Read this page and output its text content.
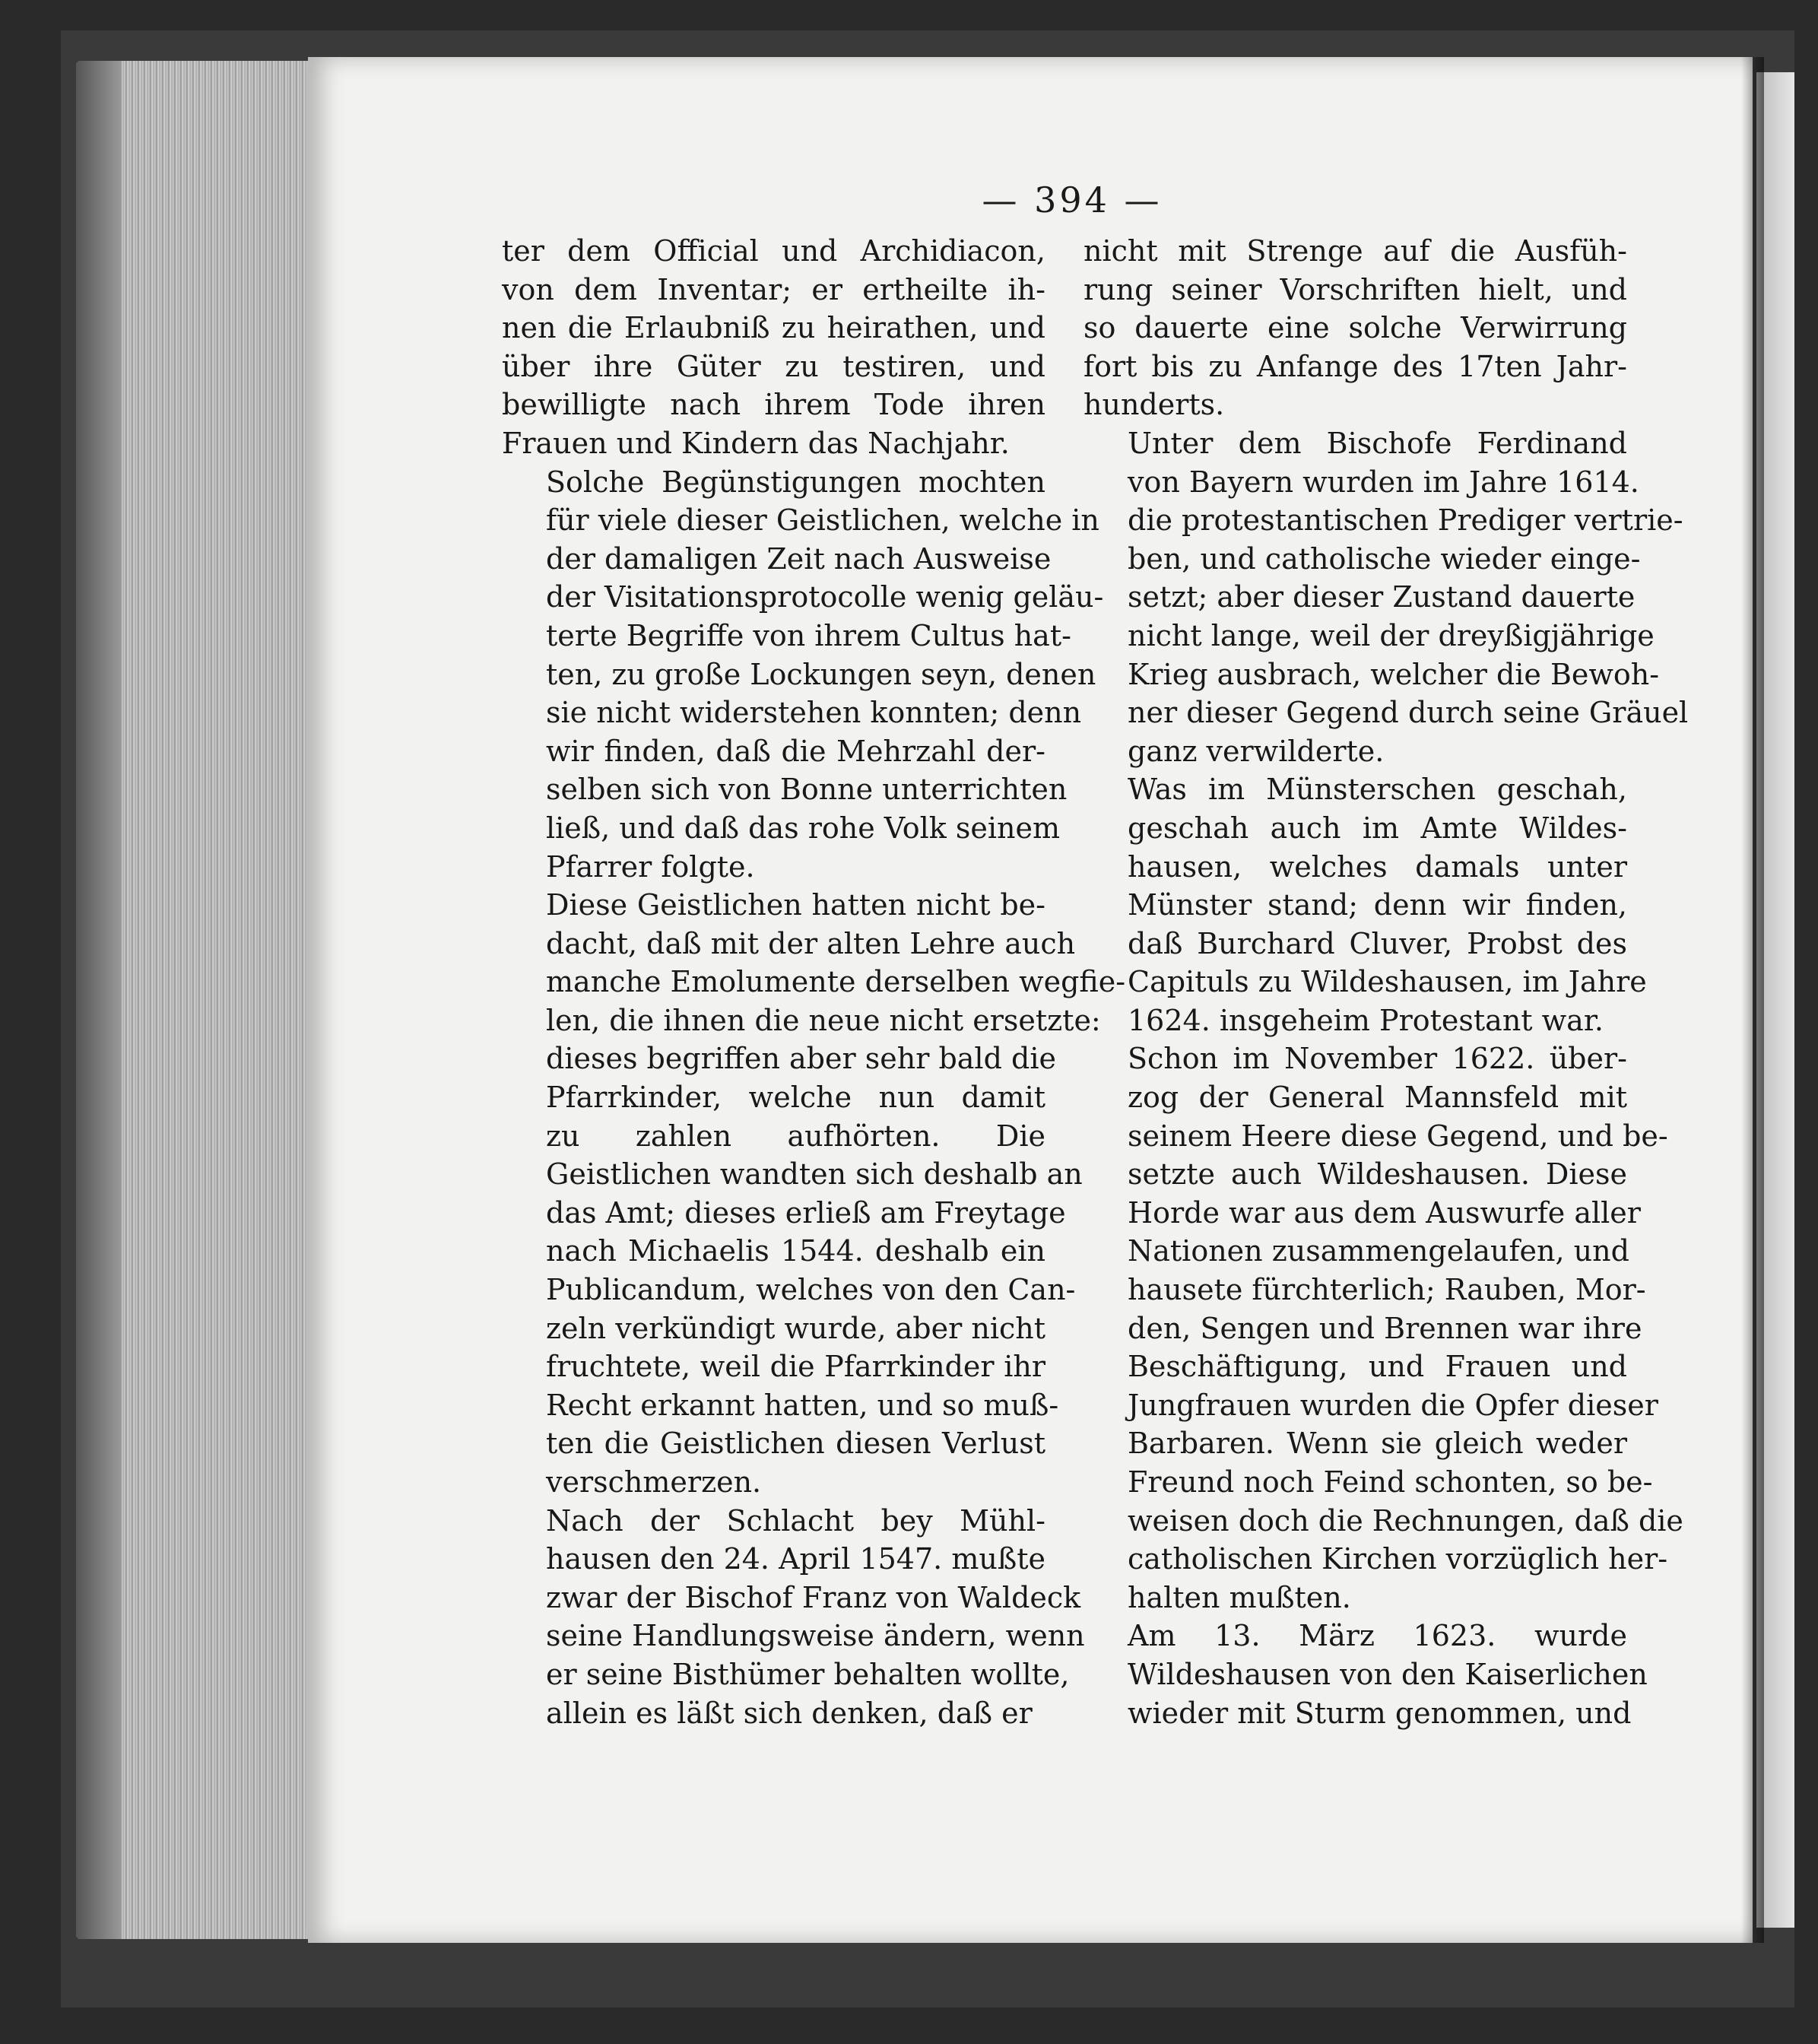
— 394 —

ter dem Official und Archidiacon,
von dem Inventar; er ertheilte ih-
nen die Erlaubniß zu heirathen, und
über ihre Güter zu testiren, und
bewilligte nach ihrem Tode ihren
Frauen und Kindern das Nachjahr.

Solche Begünstigungen mochten
für viele dieser Geistlichen, welche in
der damaligen Zeit nach Ausweise
der Visitationsprotocolle wenig geläu-
terte Begriffe von ihrem Cultus hat-
ten, zu große Lockungen seyn, denen
sie nicht widerstehen konnten; denn
wir finden, daß die Mehrzahl der-
selben sich von Bonne unterrichten
ließ, und daß das rohe Volk seinem
Pfarrer folgte.

Diese Geistlichen hatten nicht be-
dacht, daß mit der alten Lehre auch
manche Emolumente derselben wegfie-
len, die ihnen die neue nicht ersetzte:
dieses begriffen aber sehr bald die
Pfarrkinder, welche nun damit
zu zahlen aufhörten. Die
Geistlichen wandten sich deshalb an
das Amt; dieses erließ am Freytage
nach Michaelis 1544. deshalb ein
Publicandum, welches von den Can-
zeln verkündigt wurde, aber nicht
fruchtete, weil die Pfarrkinder ihr
Recht erkannt hatten, und so muß-
ten die Geistlichen diesen Verlust
verschmerzen.

Nach der Schlacht bey Mühl-
hausen den 24. April 1547. mußte
zwar der Bischof Franz von Waldeck
seine Handlungsweise ändern, wenn
er seine Bisthümer behalten wollte,
allein es läßt sich denken, daß er

nicht mit Strenge auf die Ausfüh-
rung seiner Vorschriften hielt, und
so dauerte eine solche Verwirrung
fort bis zu Anfange des 17ten Jahr-
hunderts.

Unter dem Bischofe Ferdinand
von Bayern wurden im Jahre 1614.
die protestantischen Prediger vertrie-
ben, und catholische wieder einge-
setzt; aber dieser Zustand dauerte
nicht lange, weil der dreyßigjährige
Krieg ausbrach, welcher die Bewoh-
ner dieser Gegend durch seine Gräuel
ganz verwilderte.

Was im Münsterschen geschah,
geschah auch im Amte Wildes-
hausen, welches damals unter
Münster stand; denn wir finden,
daß Burchard Cluver, Probst des
Capituls zu Wildeshausen, im Jahre
1624. insgeheim Protestant war.

Schon im November 1622. über-
zog der General Mannsfeld mit
seinem Heere diese Gegend, und be-
setzte auch Wildeshausen. Diese
Horde war aus dem Auswurfe aller
Nationen zusammengelaufen, und
hausete fürchterlich; Rauben, Mor-
den, Sengen und Brennen war ihre
Beschäftigung, und Frauen und
Jungfrauen wurden die Opfer dieser
Barbaren. Wenn sie gleich weder
Freund noch Feind schonten, so be-
weisen doch die Rechnungen, daß die
catholischen Kirchen vorzüglich her-
halten mußten.

Am 13. März 1623. wurde
Wildeshausen von den Kaiserlichen
wieder mit Sturm genommen, und
